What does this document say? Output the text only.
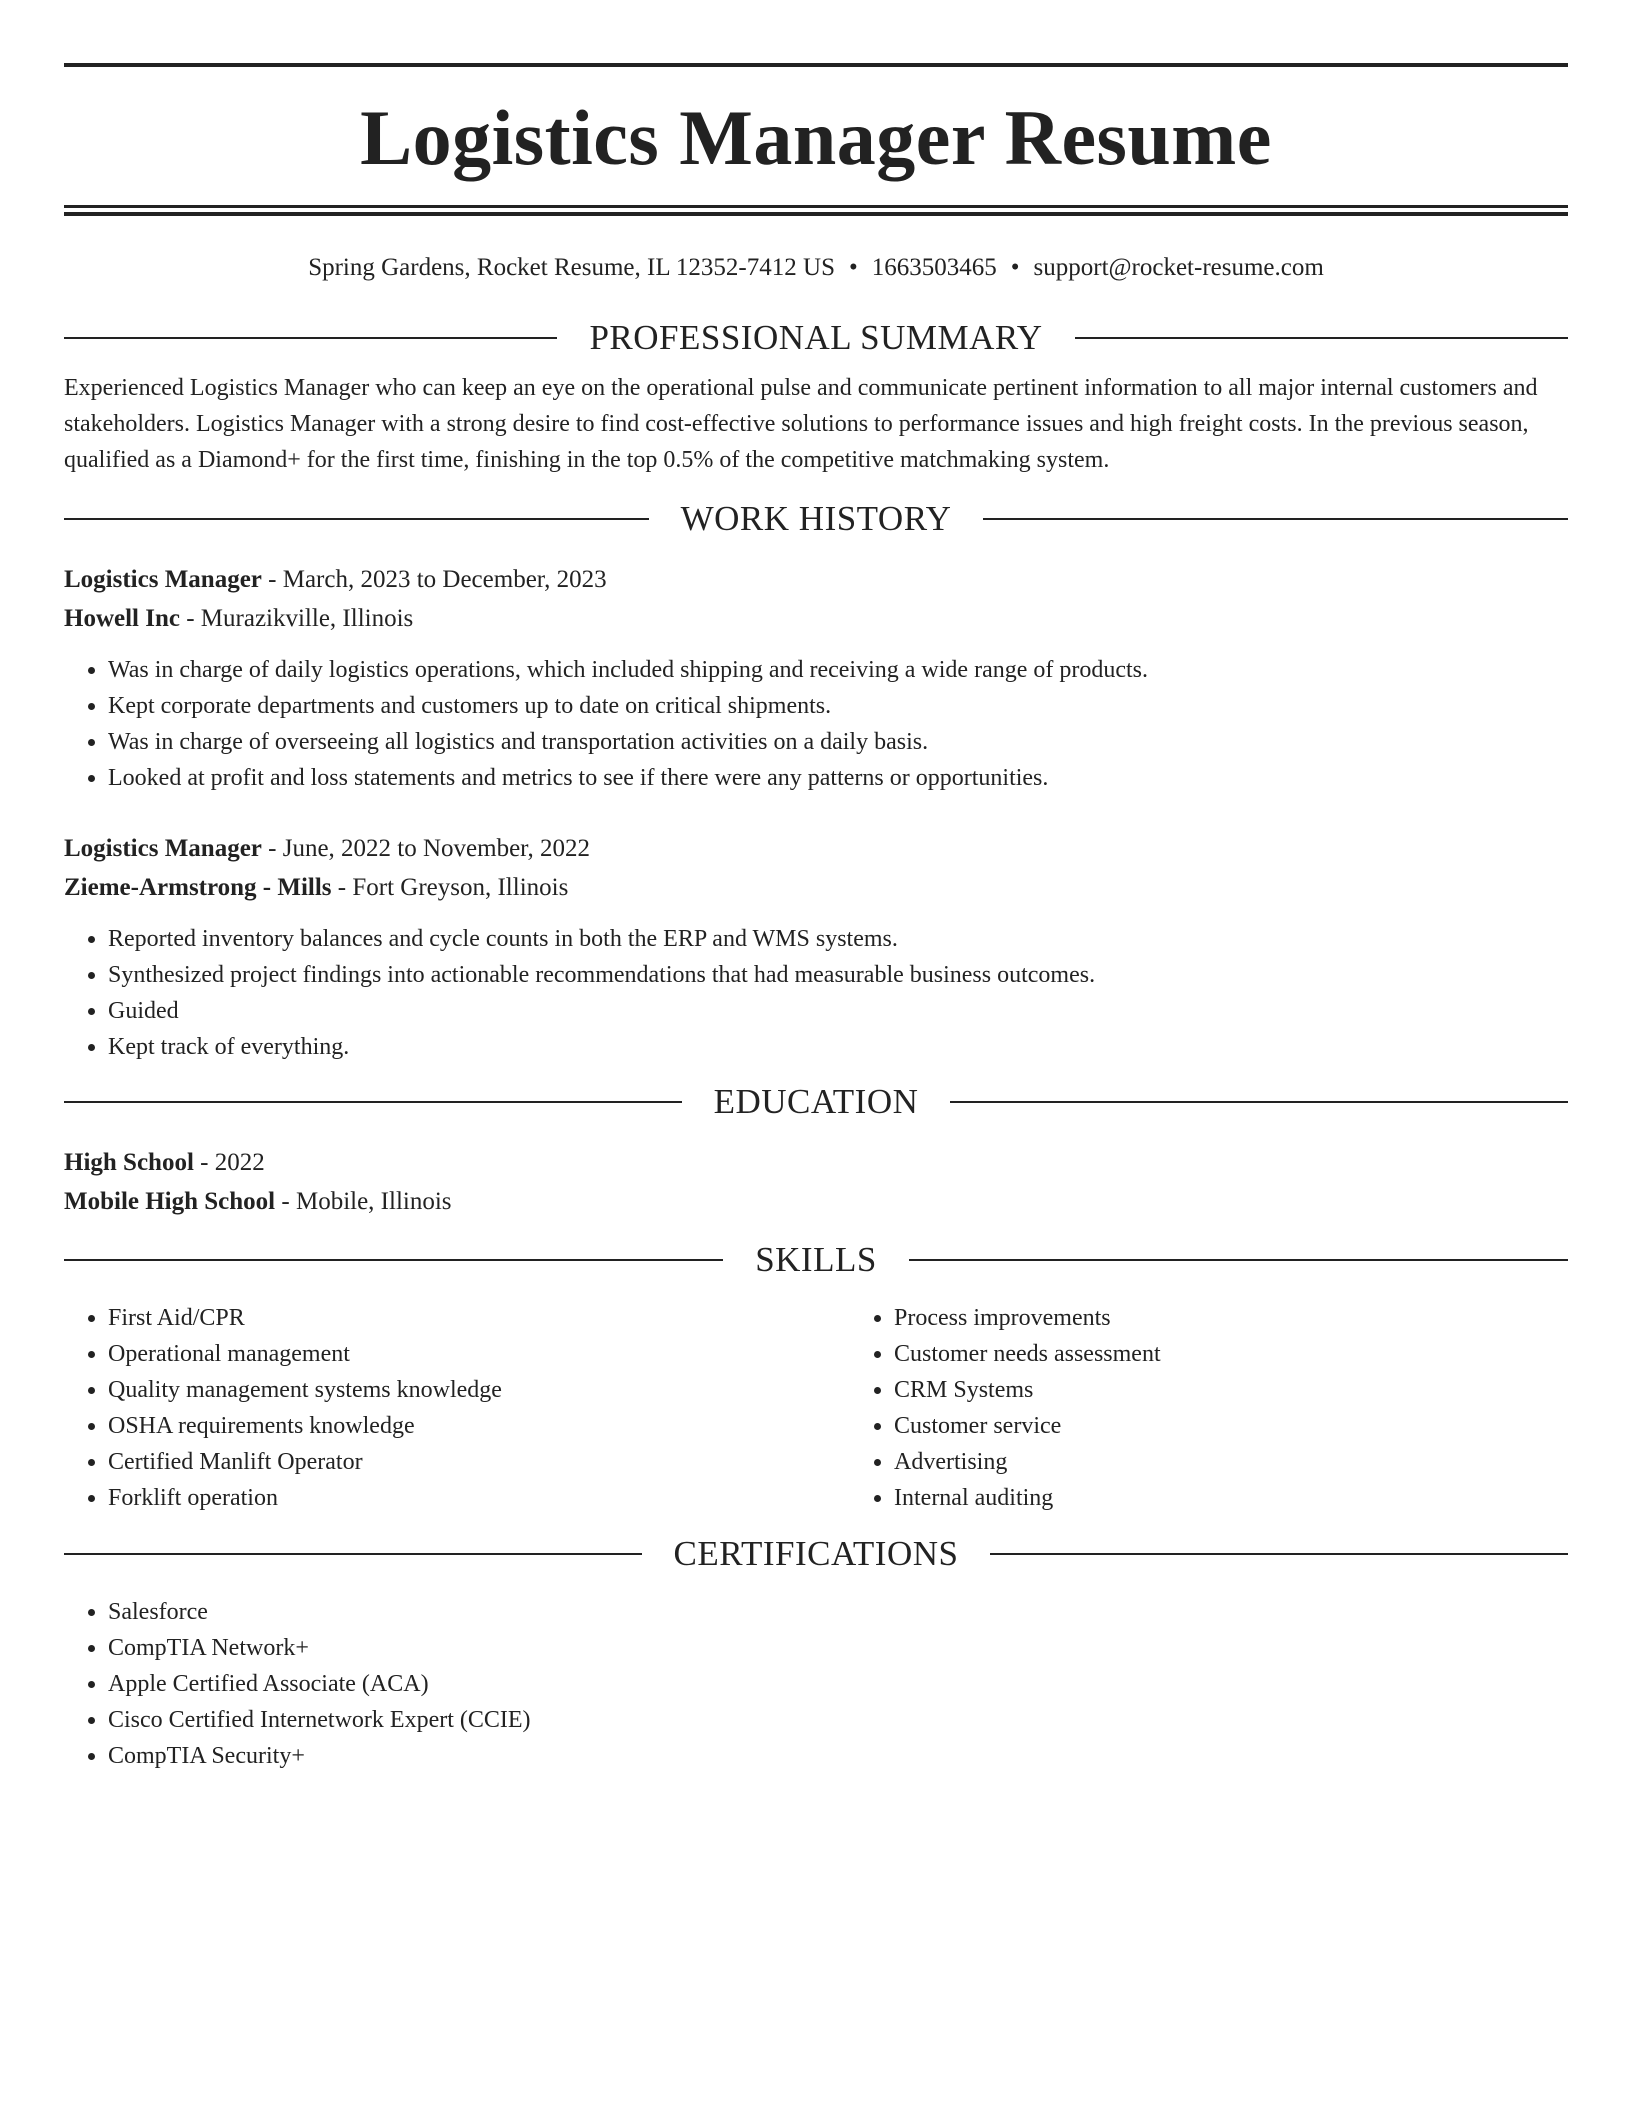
Logistics Manager Resume
Spring Gardens, Rocket Resume, IL 12352-7412 US • 1663503465 • support@rocket-resume.com
PROFESSIONAL SUMMARY

Experienced Logistics Manager who can keep an eye on the operational pulse and communicate pertinent information to all major internal customers and stakeholders. Logistics Manager with a strong desire to find cost-effective solutions to performance issues and high freight costs. In the previous season, qualified as a Diamond+ for the first time, finishing in the top 0.5% of the competitive matchmaking system.

WORK HISTORY
Logistics Manager - March, 2023 to December, 2023
Howell Inc - Murazikville, Illinois
• Was in charge of daily logistics operations, which included shipping and receiving a wide range of products.
• Kept corporate departments and customers up to date on critical shipments.
• Was in charge of overseeing all logistics and transportation activities on a daily basis.
• Looked at profit and loss statements and metrics to see if there were any patterns or opportunities.
Logistics Manager - June, 2022 to November, 2022
Zieme-Armstrong - Mills - Fort Greyson, Illinois
• Reported inventory balances and cycle counts in both the ERP and WMS systems.
• Synthesized project findings into actionable recommendations that had measurable business outcomes.
• Guided
• Kept track of everything.
EDUCATION
High School - 2022
Mobile High School - Mobile, Illinois
SKILLS
• First Aid/CPR
• Operational management
• Quality management systems knowledge
• OSHA requirements knowledge
• Certified Manlift Operator
• Forklift operation
• Process improvements
• Customer needs assessment
• CRM Systems
• Customer service
• Advertising
• Internal auditing
CERTIFICATIONS
• Salesforce
• CompTIA Network+
• Apple Certified Associate (ACA)
• Cisco Certified Internetwork Expert (CCIE)
• CompTIA Security+
